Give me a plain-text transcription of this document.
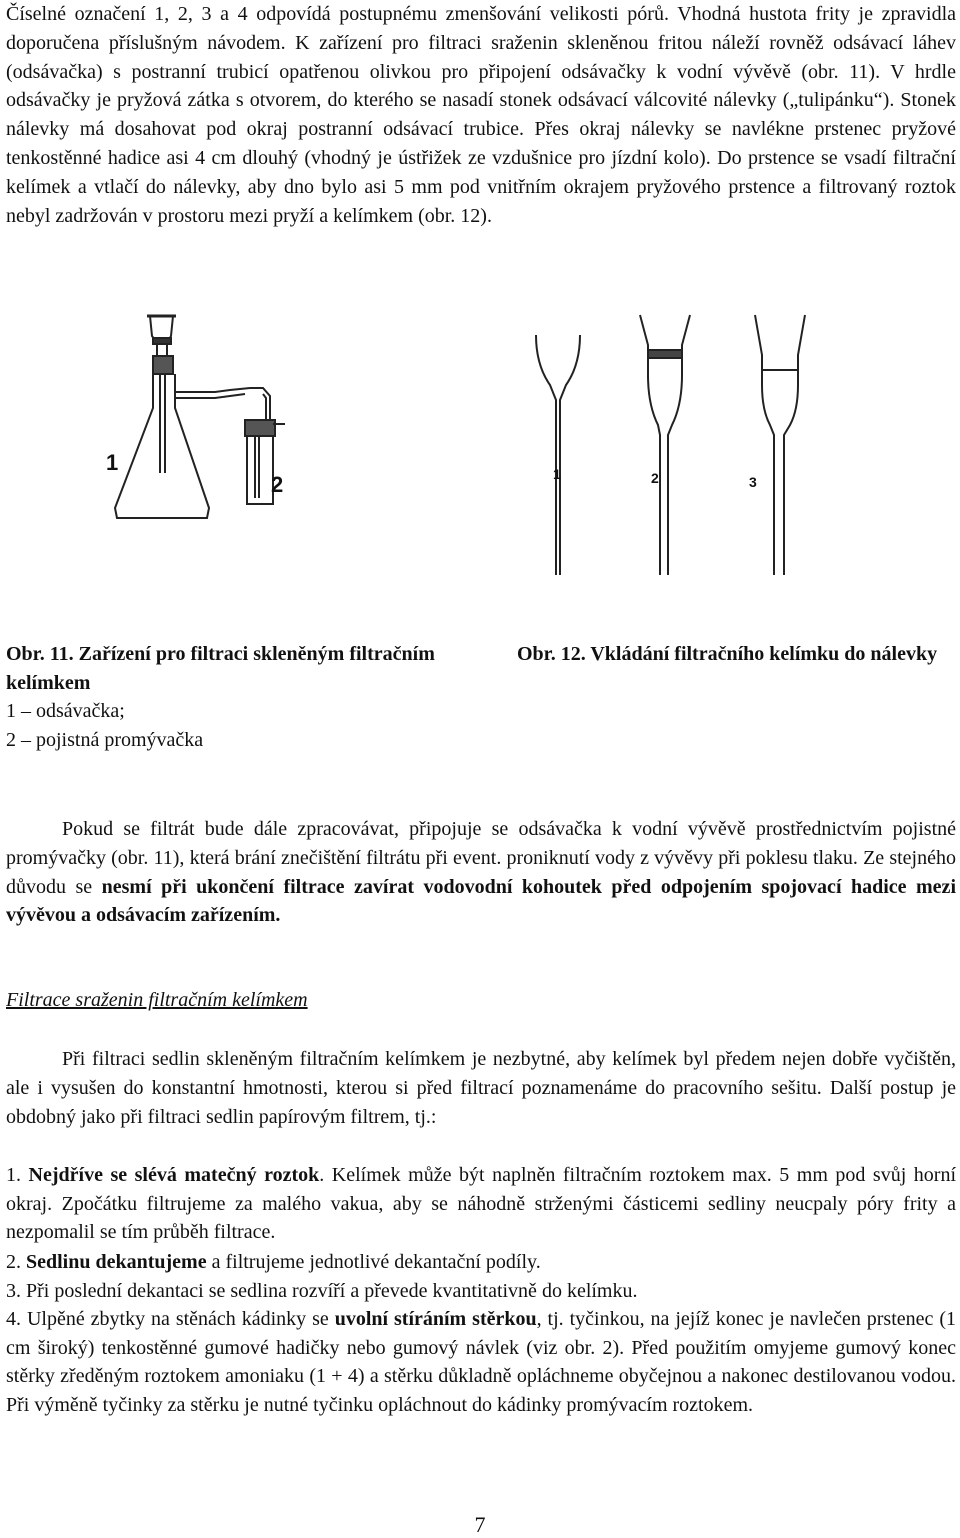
Číselné označení 1, 2, 3 a 4 odpovídá postupnému zmenšování velikosti pórů. Vhodná hustota frity je zpravidla doporučena příslušným návodem. K zařízení pro filtraci sraženin skleněnou fritou náleží rovněž odsávací láhev (odsávačka) s postranní trubicí opatřenou olivkou pro připojení odsávačky k vodní vývěvě (obr. 11). V hrdle odsávačky je pryžová zátka s otvorem, do kterého se nasadí stonek odsávací válcovité nálevky („tulipánku“). Stonek nálevky má dosahovat pod okraj postranní odsávací trubice. Přes okraj nálevky se navlékne prstenec pryžové tenkostěnné hadice asi 4 cm dlouhý (vhodný je ústřižek ze vzdušnice pro jízdní kolo). Do prstence se vsadí filtrační kelímek a vtlačí do nálevky, aby dno bylo asi 5 mm pod vnitřním okrajem pryžového prstence a filtrovaný roztok nebyl zadržován v prostoru mezi pryží a kelímkem (obr. 12).

1
2	1	2	3
Obr. 11. Zařízení pro filtraci skleněným filtračním kelímkem
1 – odsávačka;
2 – pojistná promývačka
Obr. 12. Vkládání filtračního kelímku do nálevky

Pokud se filtrát bude dále zpracovávat, připojuje se odsávačka k vodní vývěvě prostřednictvím pojistné promývačky (obr. 11), která brání znečištění filtrátu při event. proniknutí vody z vývěvy při poklesu tlaku. Ze stejného důvodu se nesmí při ukončení filtrace zavírat vodovodní kohoutek před odpojením spojovací hadice mezi vývěvou a odsávacím zařízením.

Filtrace sraženin filtračním kelímkem

Při filtraci sedlin skleněným filtračním kelímkem je nezbytné, aby kelímek byl předem nejen dobře vyčištěn, ale i vysušen do konstantní hmotnosti, kterou si před filtrací poznamenáme do pracovního sešitu. Další postup je obdobný jako při filtraci sedlin papírovým filtrem, tj.:

1. Nejdříve se slévá matečný roztok. Kelímek může být naplněn filtračním roztokem max. 5 mm pod svůj horní okraj. Zpočátku filtrujeme za malého vakua, aby se náhodně strženými částicemi sedliny neucpaly póry frity a nezpomalil se tím průběh filtrace.
2. Sedlinu dekantujeme a filtrujeme jednotlivé dekantační podíly.
3. Při poslední dekantaci se sedlina rozvíří a převede kvantitativně do kelímku.
4. Ulpěné zbytky na stěnách kádinky se uvolní stíráním stěrkou, tj. tyčinkou, na jejíž konec je navlečen prstenec (1 cm široký) tenkostěnné gumové hadičky nebo gumový návlek (viz obr. 2). Před použitím omyjeme gumový konec stěrky zředěným roztokem amoniaku (1 + 4) a stěrku důkladně opláchneme obyčejnou a nakonec destilovanou vodou. Při výměně tyčinky za stěrku je nutné tyčinku opláchnout do kádinky promývacím roztokem.
7
